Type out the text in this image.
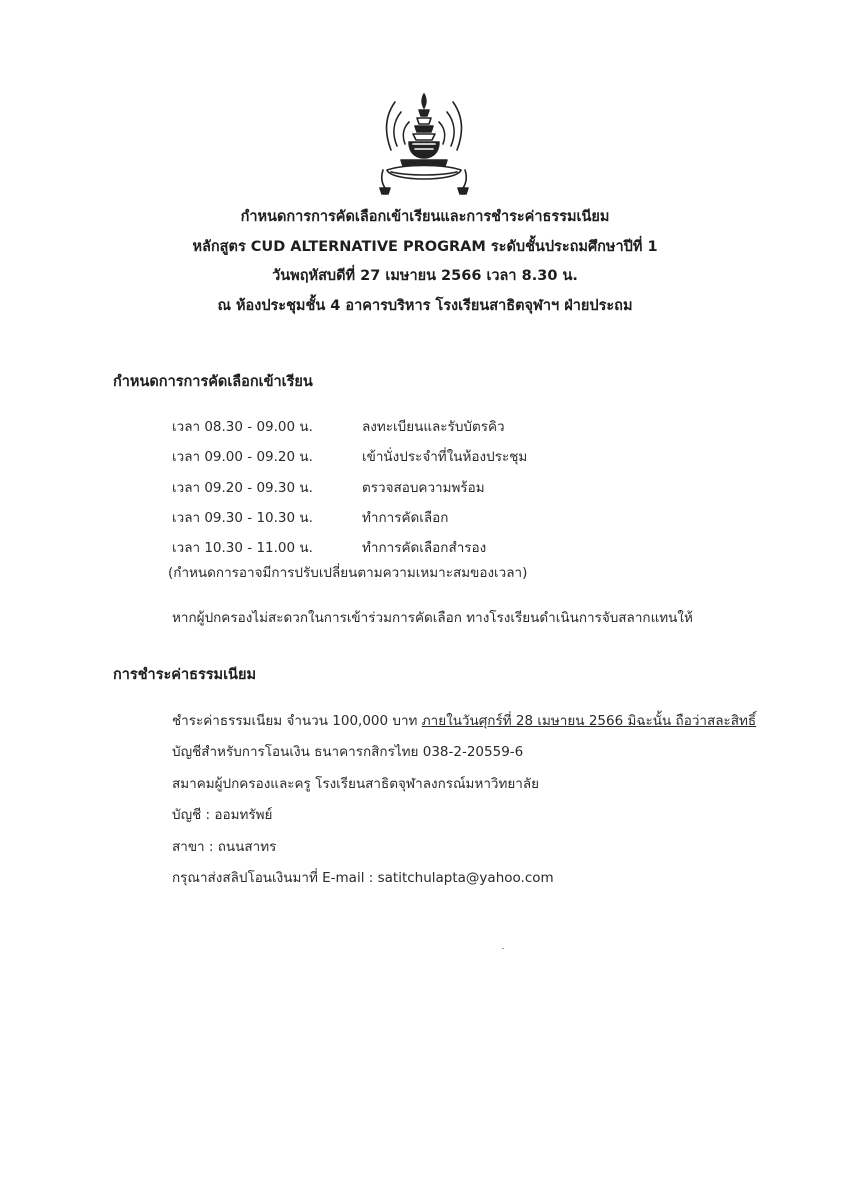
กำหนดการการคัดเลือกเข้าเรียนและการชำระค่าธรรมเนียม
หลักสูตร CUD ALTERNATIVE PROGRAM ระดับชั้นประถมศึกษาปีที่ 1
วันพฤหัสบดีที่ 27 เมษายน 2566 เวลา 8.30 น.
ณ ห้องประชุมชั้น 4 อาคารบริหาร โรงเรียนสาธิตจุฬาฯ ฝ่ายประถม
กำหนดการการคัดเลือกเข้าเรียน
เวลา 08.30 - 09.00 น.	ลงทะเบียนและรับบัตรคิว
เวลา 09.00 - 09.20 น.	เข้านั่งประจำที่ในห้องประชุม
เวลา 09.20 - 09.30 น.	ตรวจสอบความพร้อม
เวลา 09.30 - 10.30 น.	ทำการคัดเลือก
เวลา 10.30 - 11.00 น.	ทำการคัดเลือกสำรอง
(กำหนดการอาจมีการปรับเปลี่ยนตามความเหมาะสมของเวลา)
หากผู้ปกครองไม่สะดวกในการเข้าร่วมการคัดเลือก ทางโรงเรียนดำเนินการจับสลากแทนให้
การชำระค่าธรรมเนียม
ชำระค่าธรรมเนียม จำนวน 100,000 บาท ภายในวันศุกร์ที่ 28 เมษายน 2566 มิฉะนั้น ถือว่าสละสิทธิ์
บัญชีสำหรับการโอนเงิน ธนาคารกสิกรไทย 038-2-20559-6
สมาคมผู้ปกครองและครู โรงเรียนสาธิตจุฬาลงกรณ์มหาวิทยาลัย
บัญชี : ออมทรัพย์
สาขา : ถนนสาทร
กรุณาส่งสลิปโอนเงินมาที่ E-mail : satitchulapta@yahoo.com
